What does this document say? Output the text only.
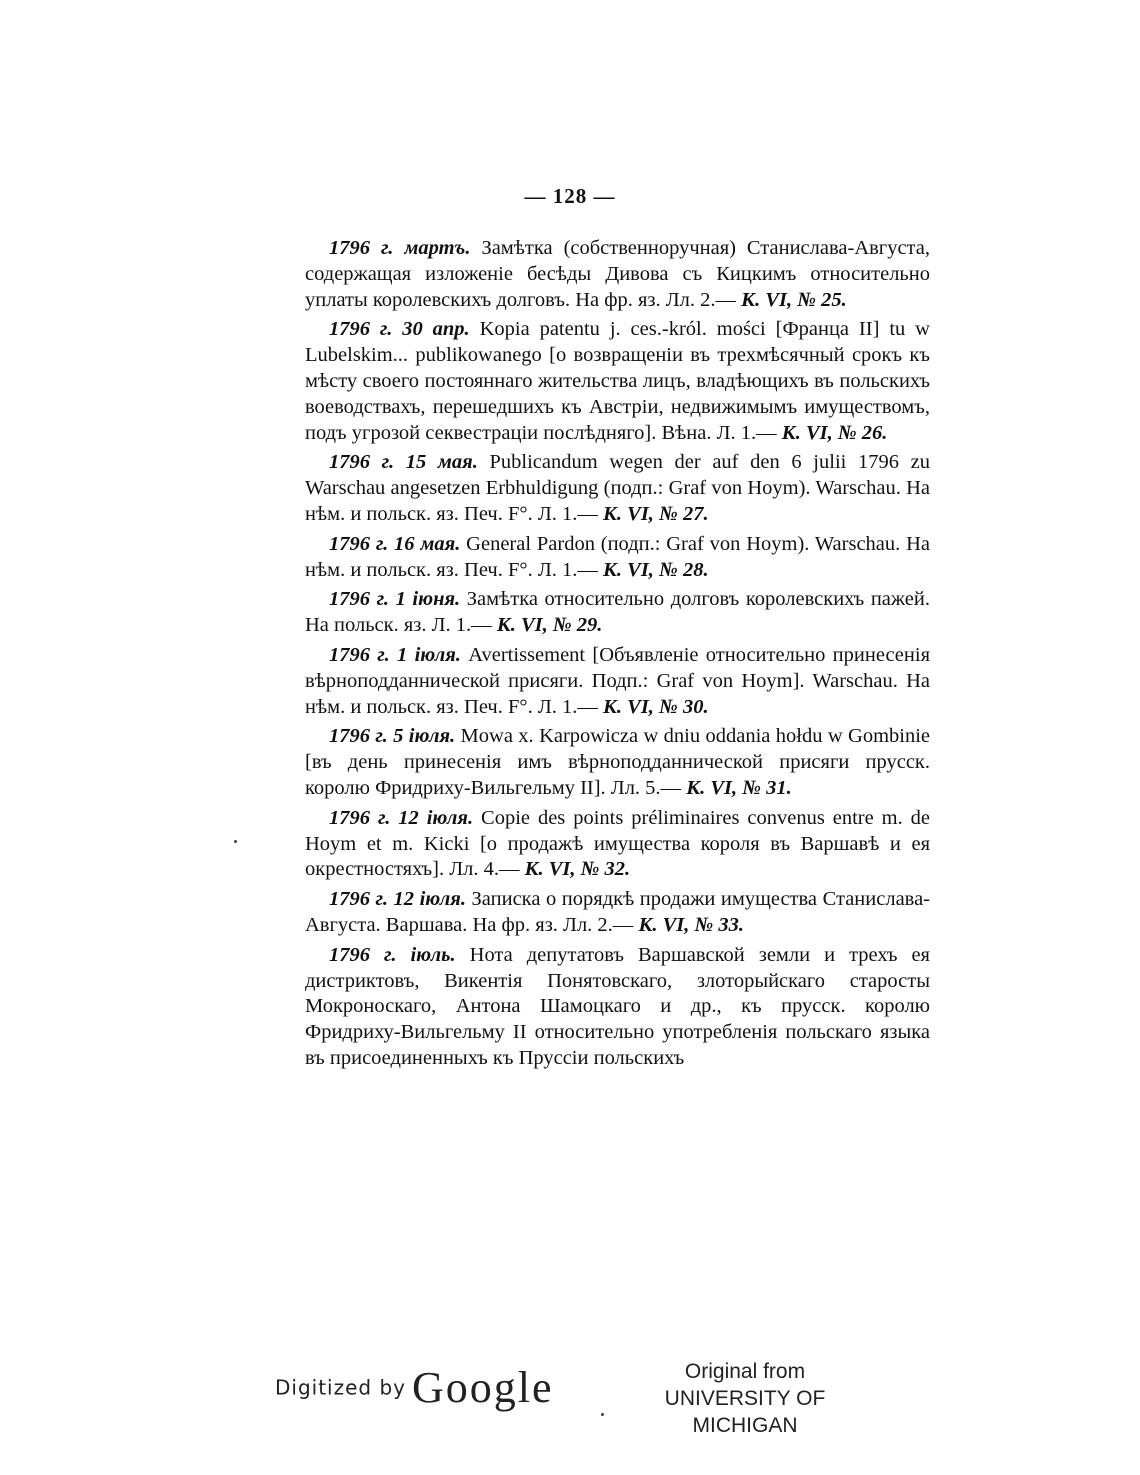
— 128 —

1796 г. мартъ. Замѣтка (собственноручная) Станислава-Августа, содержащая изложеніе бесѣды Дивова съ Кицкимъ относительно уплаты королевскихъ долговъ. На фр. яз. Лл. 2.— К. VI, № 25.

1796 г. 30 апр. Kopia patentu j. ces.-król. mości [Франца II] tu w Lubelskim... publikowanego [о возвращеніи въ трехмѣсячный срокъ къ мѣсту своего постояннаго жительства лицъ, владѣющихъ въ польскихъ воеводствахъ, перешедшихъ къ Австріи, недвижимымъ имуществомъ, подъ угрозой секвестраціи послѣдняго]. Вѣна. Л. 1.— К. VI, № 26.

1796 г. 15 мая. Publicandum wegen der auf den 6 julii 1796 zu Warschau angesetzen Erbhuldigung (подп.: Graf von Hoym). Warschau. На нѣм. и польск. яз. Печ. F°. Л. 1.— К. VI, № 27.

1796 г. 16 мая. General Pardon (подп.: Graf von Hoym). Warschau. На нѣм. и польск. яз. Печ. F°. Л. 1.— К. VI, № 28.

1796 г. 1 іюня. Замѣтка относительно долговъ королевскихъ пажей. На польск. яз. Л. 1.— К. VI, № 29.

1796 г. 1 іюля. Avertissement [Объявленіе относительно принесенія вѣрноподданнической присяги. Подп.: Graf von Hoym]. Warschau. На нѣм. и польск. яз. Печ. F°. Л. 1.— К. VI, № 30.

1796 г. 5 іюля. Mowa x. Karpowicza w dniu oddania hołdu w Gombinie [въ день принесенія имъ вѣрноподданнической присяги прусск. королю Фридриху-Вильгельму II]. Лл. 5.— К. VI, № 31.

1796 г. 12 іюля. Copie des points préliminaires convenus entre m. de Hoym et m. Kicki [о продажѣ имущества короля въ Варшавѣ и ея окрестностяхъ]. Лл. 4.— К. VI, № 32.

1796 г. 12 іюля. Записка о порядкѣ продажи имущества Станислава-Августа. Варшава. На фр. яз. Лл. 2.— К. VI, № 33.

1796 г. іюль. Нота депутатовъ Варшавской земли и трехъ ея дистриктовъ, Викентія Понятовскаго, злоторыйскаго старосты Мокроноскаго, Антона Шамоцкаго и др., къ прусск. королю Фридриху-Вильгельму II относительно употребленія польскаго языка въ присоединенныхъ къ Пруссіи польскихъ

Digitized by Google	Original from
UNIVERSITY OF MICHIGAN
